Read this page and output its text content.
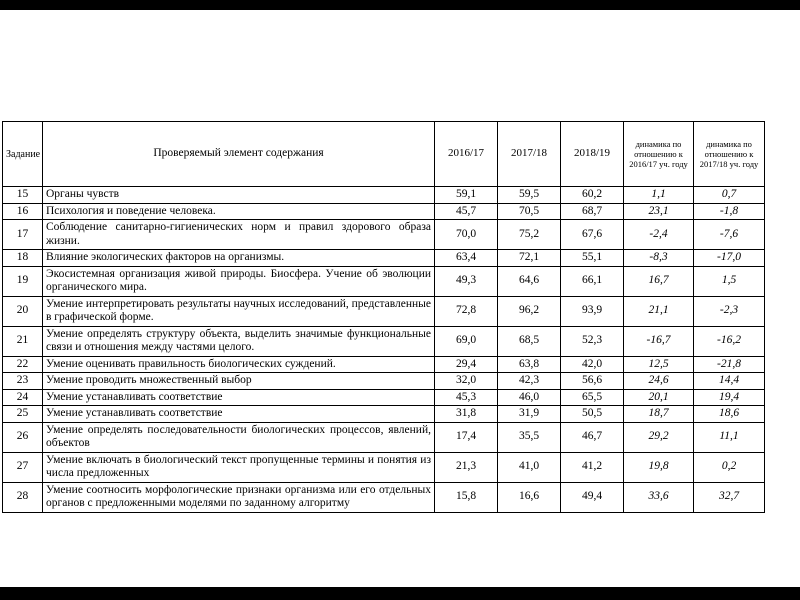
Задание	Проверяемый элемент содержания	2016/17	2017/18	2018/19	динамика по отношению к 2016/17 уч. году	динамика по отношению к 2017/18 уч. году
15	Органы чувств	59,1	59,5	60,2	1,1	0,7
16	Психология и поведение человека.	45,7	70,5	68,7	23,1	-1,8
17	Соблюдение санитарно-гигиенических норм и правил здорового образа жизни.	70,0	75,2	67,6	-2,4	-7,6
18	Влияние экологических факторов на организмы.	63,4	72,1	55,1	-8,3	-17,0
19	Экосистемная организация живой природы. Биосфера. Учение об эволюции органического мира.	49,3	64,6	66,1	16,7	1,5
20	Умение интерпретировать результаты научных исследований, представленные в графической форме.	72,8	96,2	93,9	21,1	-2,3
21	Умение определять структуру объекта, выделить значимые функциональные связи и отношения между частями целого.	69,0	68,5	52,3	-16,7	-16,2
22	Умение оценивать правильность биологических суждений.	29,4	63,8	42,0	12,5	-21,8
23	Умение проводить множественный выбор	32,0	42,3	56,6	24,6	14,4
24	Умение устанавливать соответствие	45,3	46,0	65,5	20,1	19,4
25	Умение устанавливать соответствие	31,8	31,9	50,5	18,7	18,6
26	Умение определять последовательности биологических процессов, явлений, объектов	17,4	35,5	46,7	29,2	11,1
27	Умение включать в биологический текст пропущенные термины и понятия из числа предложенных	21,3	41,0	41,2	19,8	0,2
28	Умение соотносить морфологические признаки организма или его отдельных органов с предложенными моделями по заданному алгоритму	15,8	16,6	49,4	33,6	32,7
